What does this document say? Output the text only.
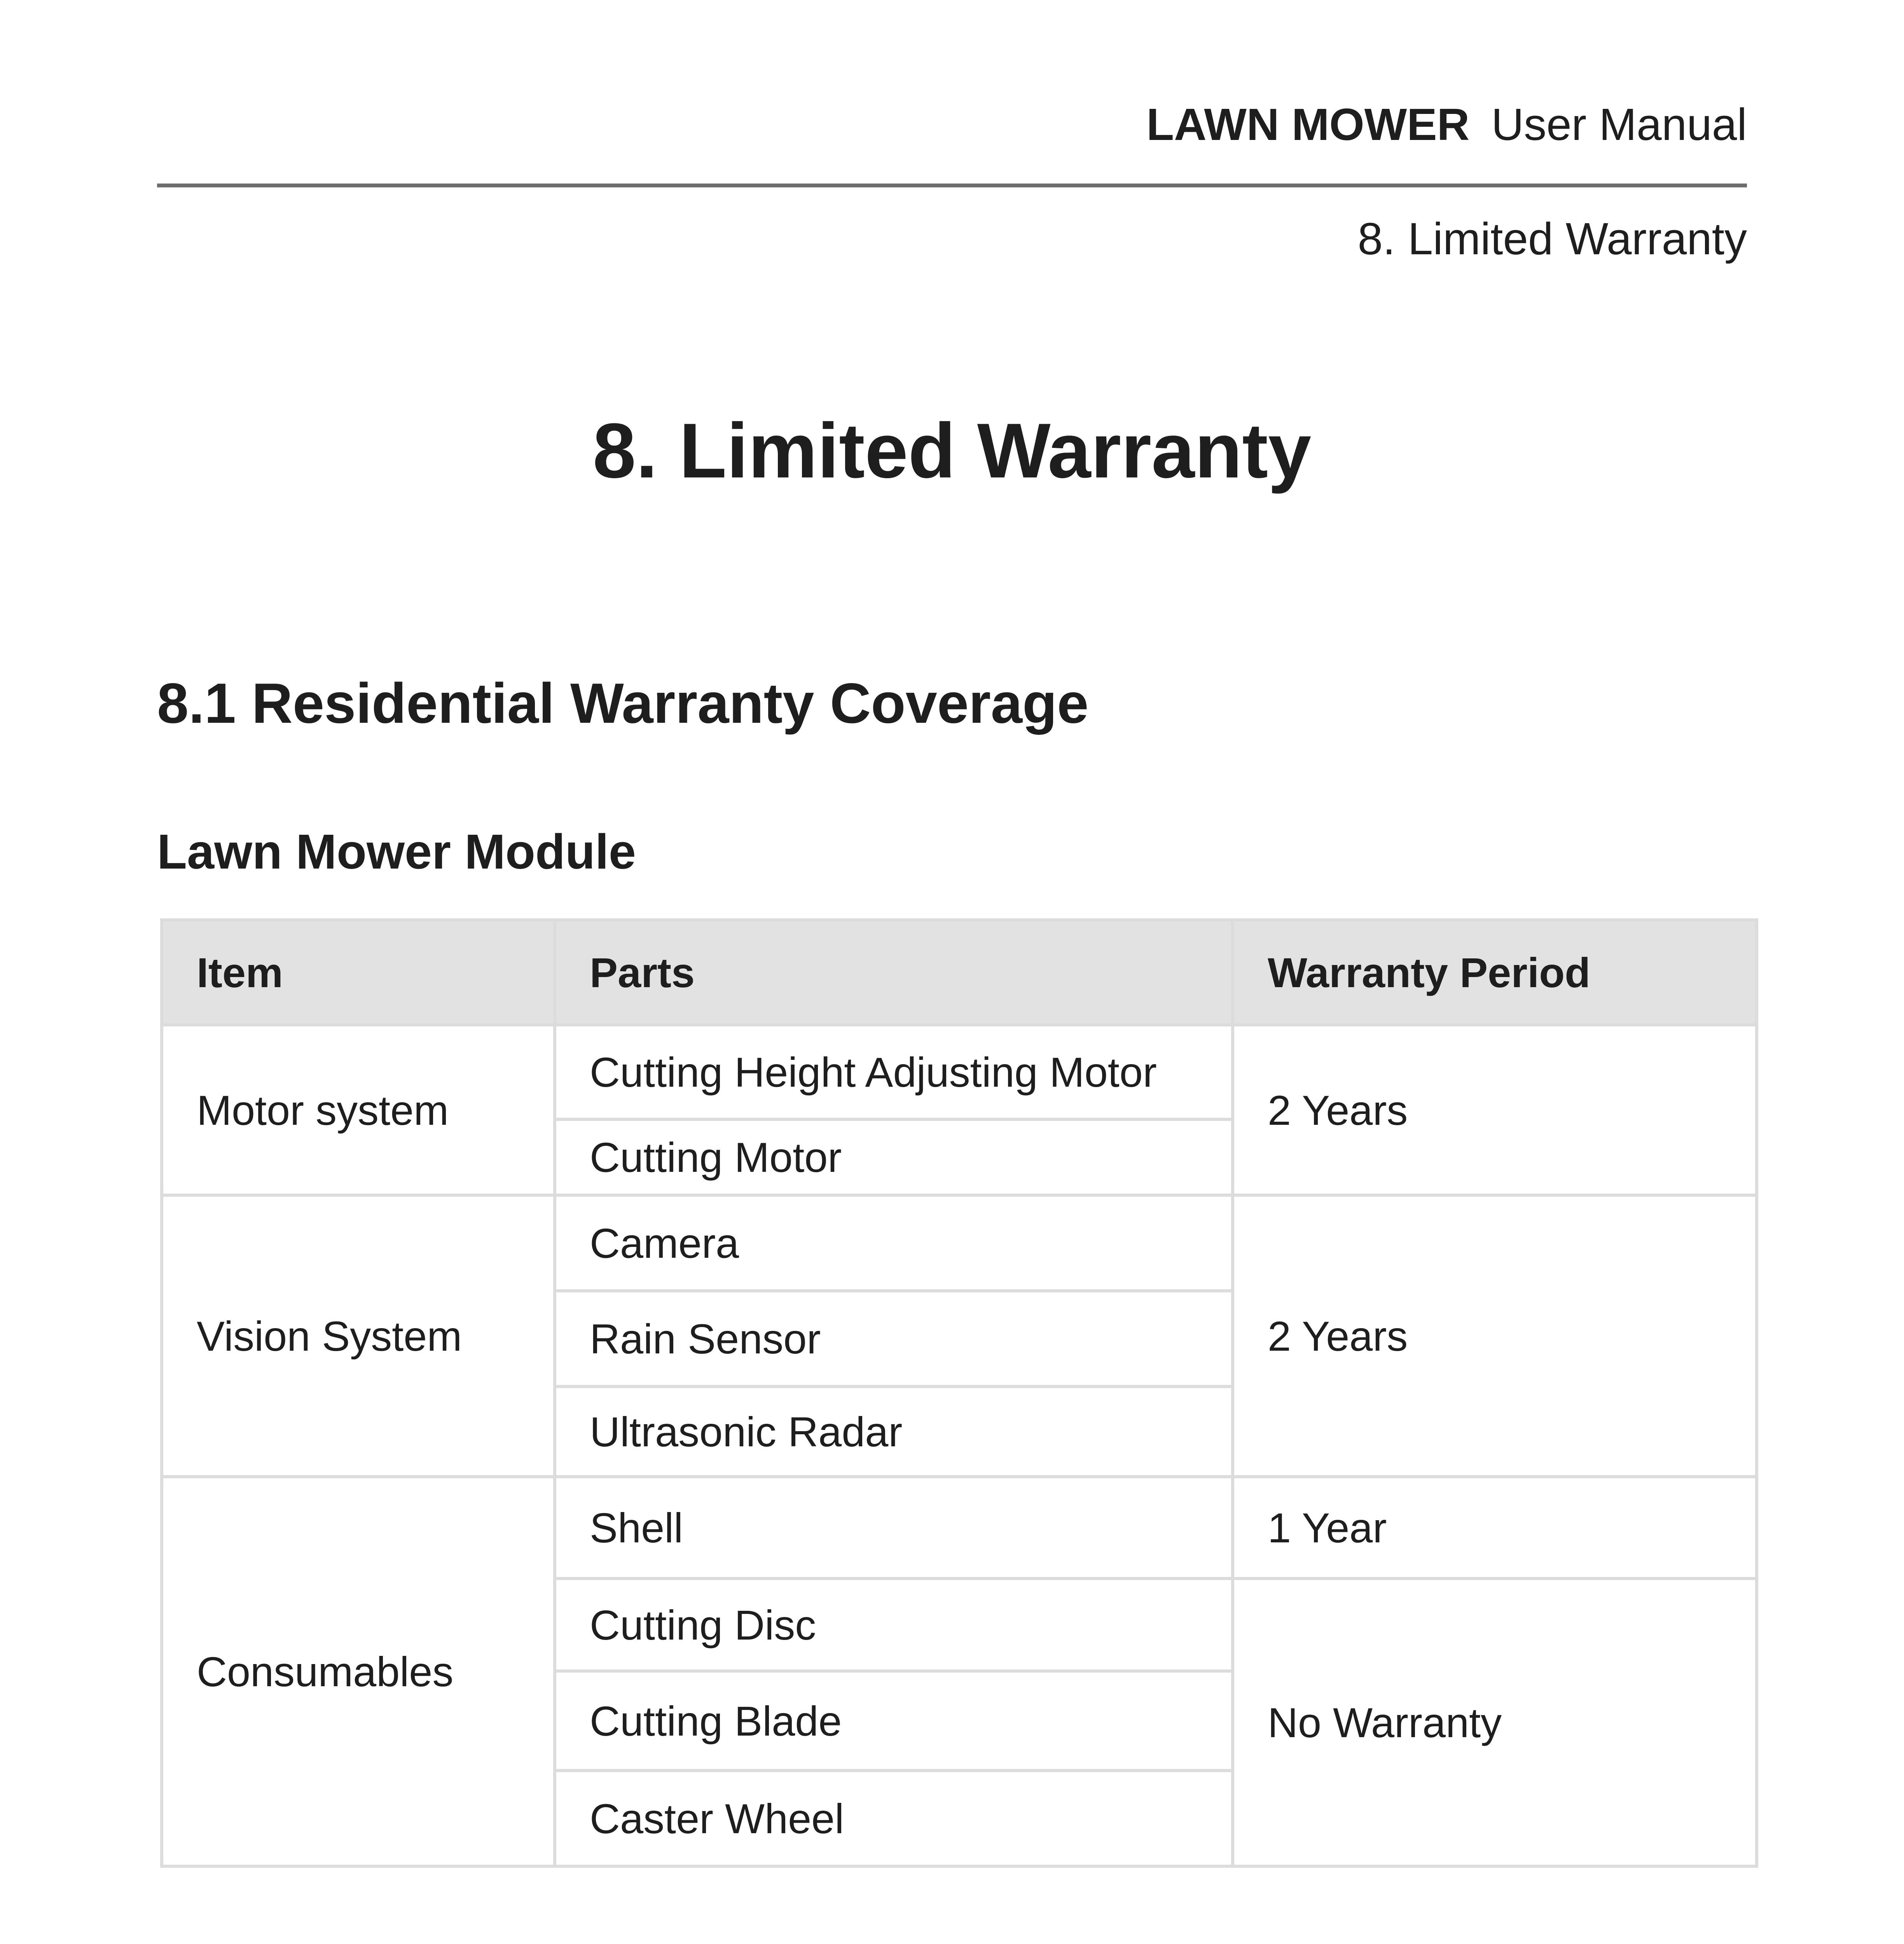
LAWN MOWER User Manual
8. Limited Warranty
8. Limited Warranty
8.1 Residential Warranty Coverage
Lawn Mower Module
Item	Parts	Warranty Period
Motor system	Cutting Height Adjusting Motor	2 Years
	Cutting Motor	
Vision System	Camera	2 Years
	Rain Sensor	
	Ultrasonic Radar	
Consumables	Shell	1 Year
	Cutting Disc	No Warranty
	Cutting Blade	
	Caster Wheel	
